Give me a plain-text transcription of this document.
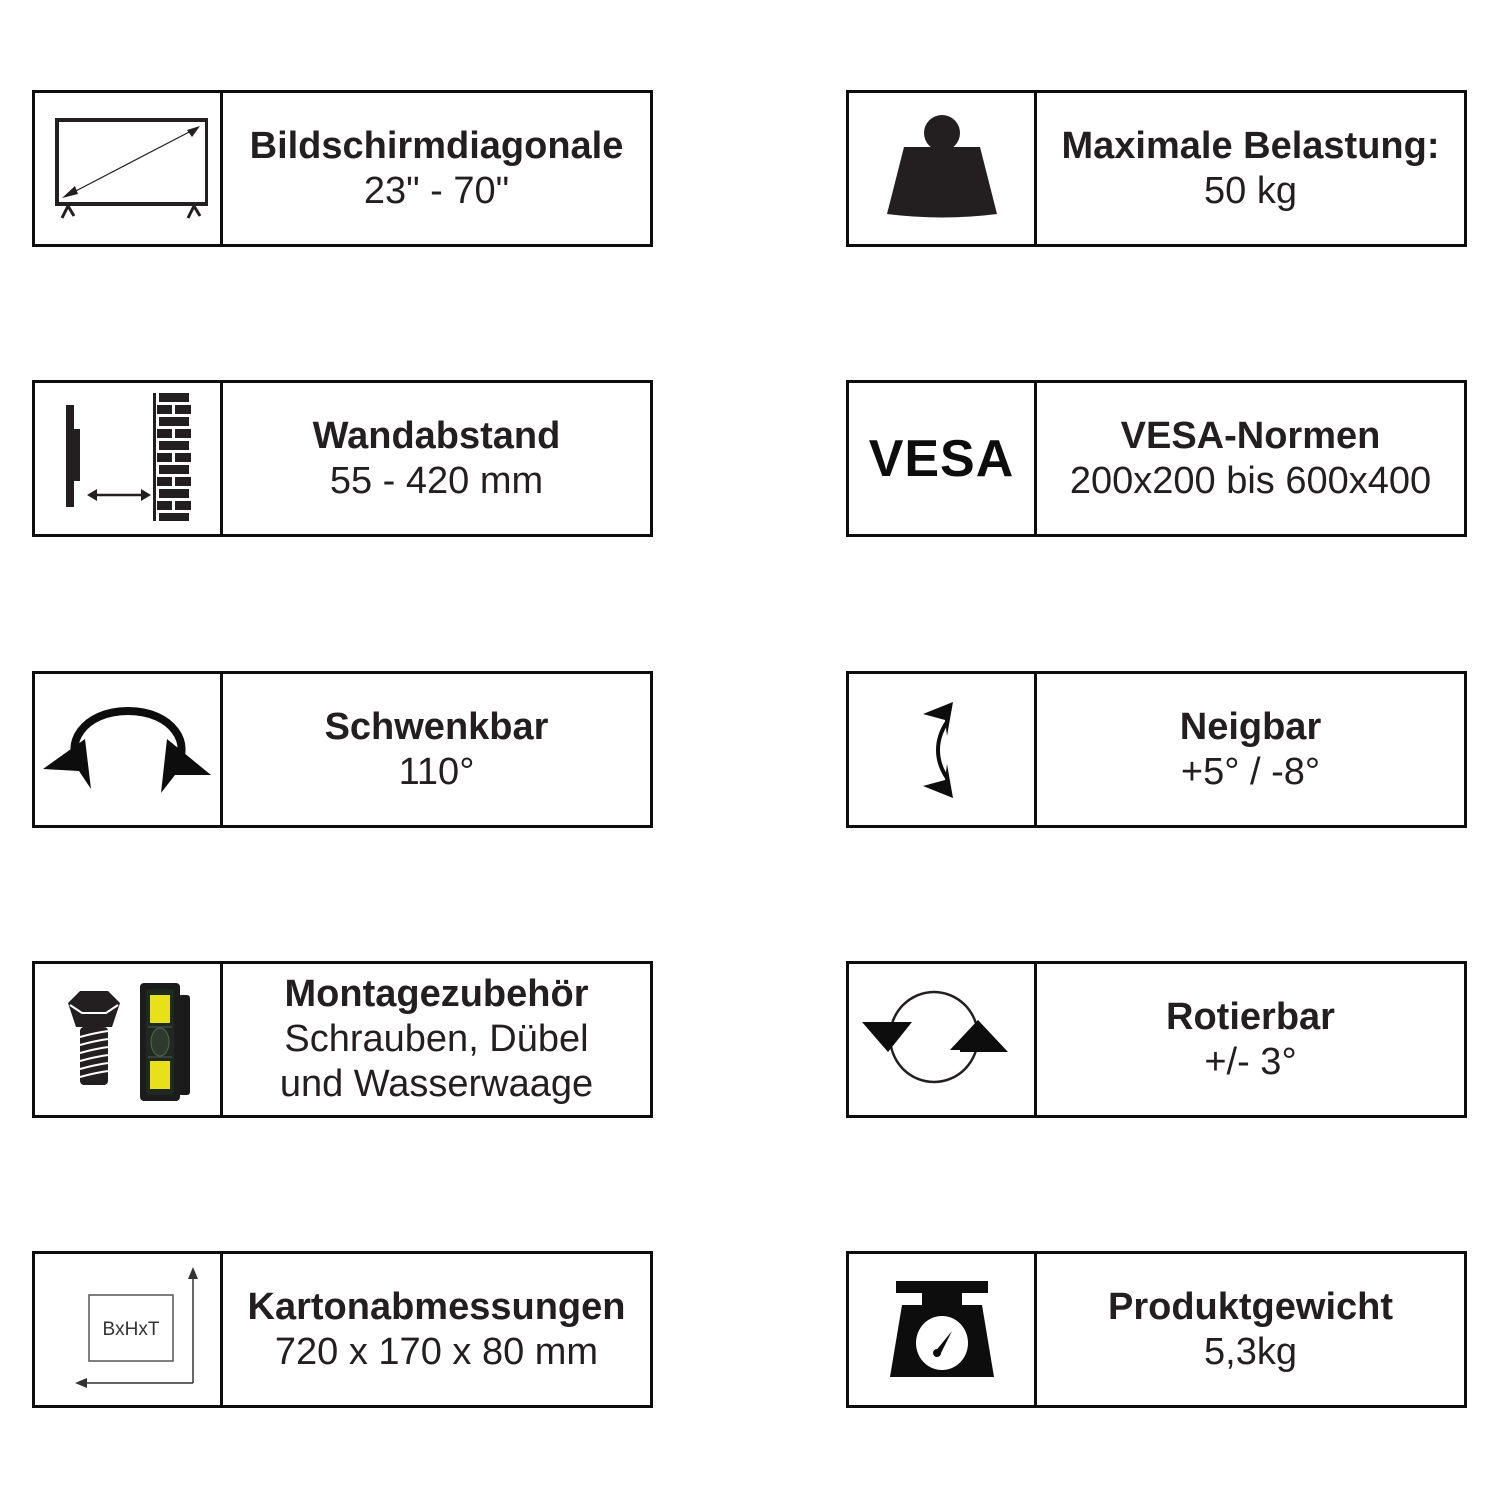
Bildschirmdiagonale
23" - 70"
Maximale Belastung:
50 kg
Wandabstand
55 - 420 mm	VESA	VESA-Normen
200x200 bis 600x400
Schwenkbar
110°
Neigbar
+5° / -8°
Montagezubehör
Schrauben, Dübel
und Wasserwaage
Rotierbar
+/- 3°
BxHxT
Kartonabmessungen
720 x 170 x 80 mm
Produktgewicht
5,3kg
